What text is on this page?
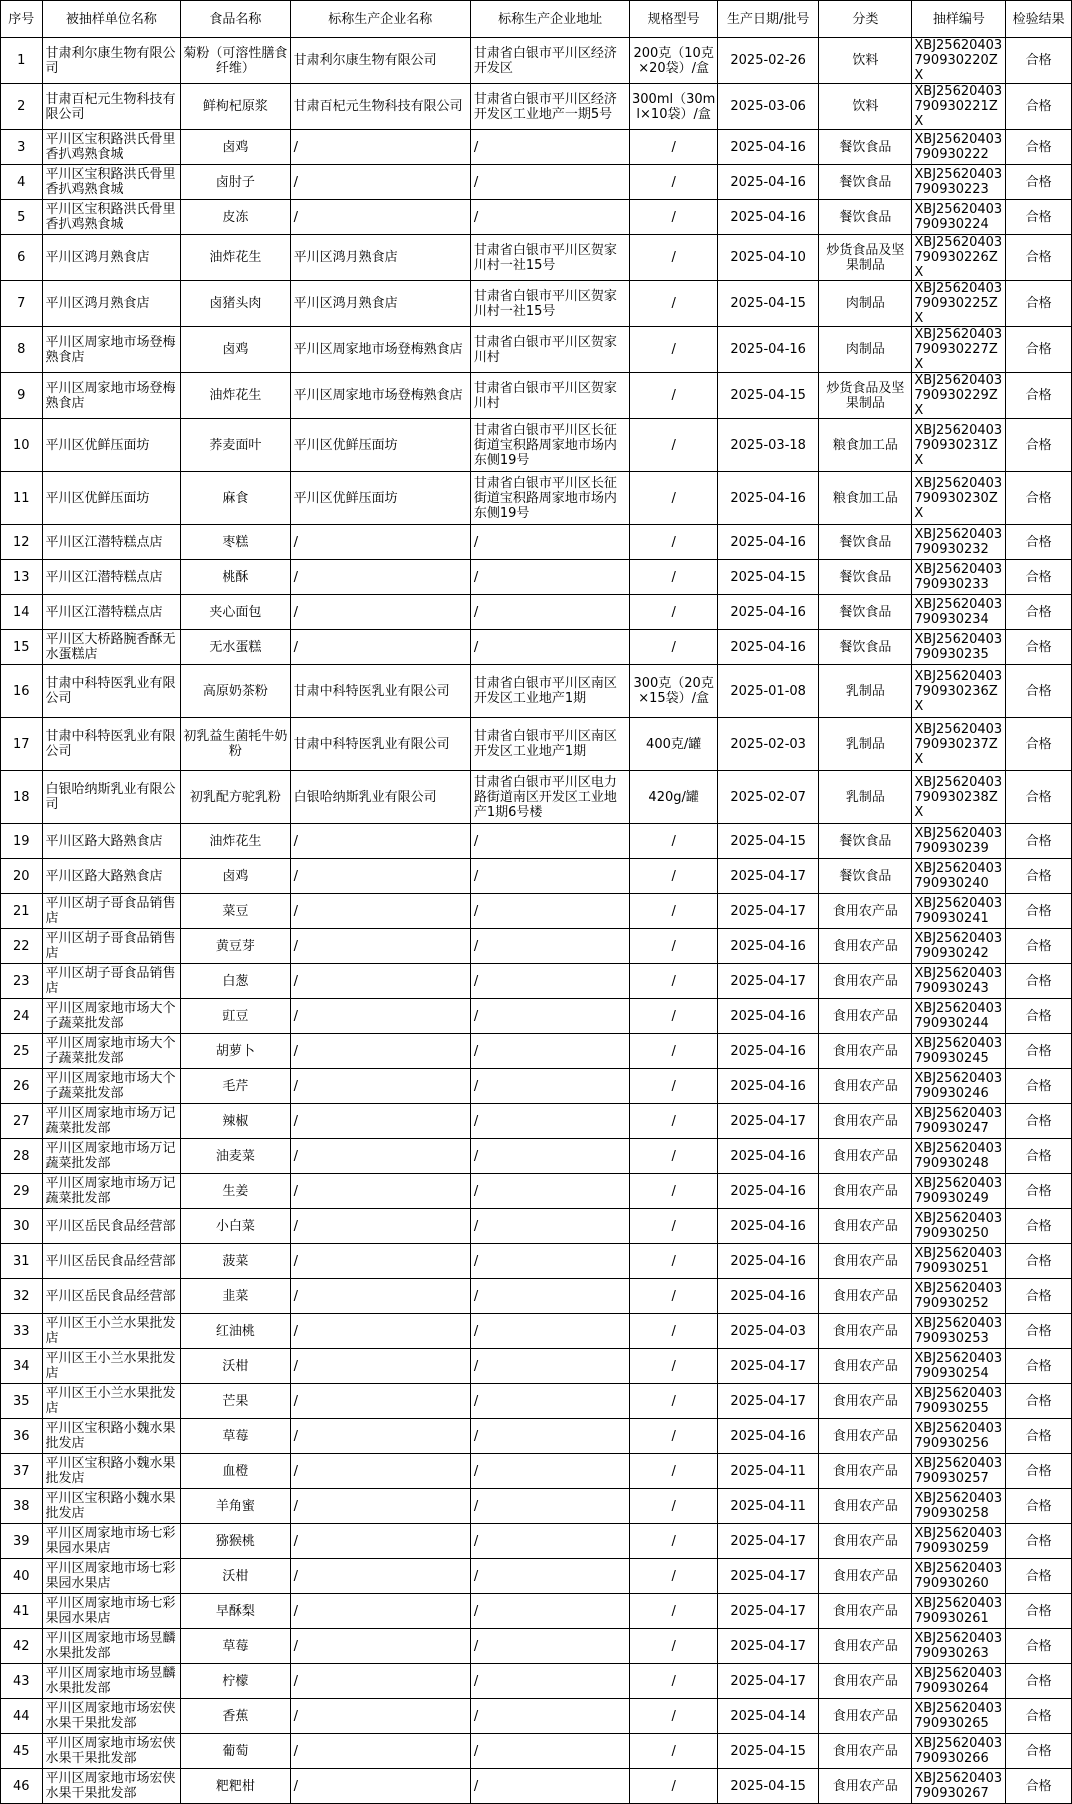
序号	被抽样单位名称	食品名称	标称生产企业名称	标称生产企业地址	规格型号	生产日期/批号	分类	抽样编号	检验结果
1	甘肃利尔康生物有限公司	菊粉（可溶性膳食纤维）	甘肃利尔康生物有限公司	甘肃省白银市平川区经济开发区	200克（10克×20袋）/盒	2025-02-26	饮料	XBJ25620403790930220ZX	合格
2	甘肃百杞元生物科技有限公司	鲜枸杞原浆	甘肃百杞元生物科技有限公司	甘肃省白银市平川区经济开发区工业地产一期5号	300ml（30ml×10袋）/盒	2025-03-06	饮料	XBJ25620403790930221ZX	合格
3	平川区宝积路洪氏骨里香扒鸡熟食城	卤鸡	/	/	/	2025-04-16	餐饮食品	XBJ25620403790930222	合格
4	平川区宝积路洪氏骨里香扒鸡熟食城	卤肘子	/	/	/	2025-04-16	餐饮食品	XBJ25620403790930223	合格
5	平川区宝积路洪氏骨里香扒鸡熟食城	皮冻	/	/	/	2025-04-16	餐饮食品	XBJ25620403790930224	合格
6	平川区鸿月熟食店	油炸花生	平川区鸿月熟食店	甘肃省白银市平川区贺家川村一社15号	/	2025-04-10	炒货食品及坚果制品	XBJ25620403790930226ZX	合格
7	平川区鸿月熟食店	卤猪头肉	平川区鸿月熟食店	甘肃省白银市平川区贺家川村一社15号	/	2025-04-15	肉制品	XBJ25620403790930225ZX	合格
8	平川区周家地市场登梅熟食店	卤鸡	平川区周家地市场登梅熟食店	甘肃省白银市平川区贺家川村	/	2025-04-16	肉制品	XBJ25620403790930227ZX	合格
9	平川区周家地市场登梅熟食店	油炸花生	平川区周家地市场登梅熟食店	甘肃省白银市平川区贺家川村	/	2025-04-15	炒货食品及坚果制品	XBJ25620403790930229ZX	合格
10	平川区优鲜压面坊	荞麦面叶	平川区优鲜压面坊	甘肃省白银市平川区长征街道宝积路周家地市场内东侧19号	/	2025-03-18	粮食加工品	XBJ25620403790930231ZX	合格
11	平川区优鲜压面坊	麻食	平川区优鲜压面坊	甘肃省白银市平川区长征街道宝积路周家地市场内东侧19号	/	2025-04-16	粮食加工品	XBJ25620403790930230ZX	合格
12	平川区江潜特糕点店	枣糕	/	/	/	2025-04-16	餐饮食品	XBJ25620403790930232	合格
13	平川区江潜特糕点店	桃酥	/	/	/	2025-04-15	餐饮食品	XBJ25620403790930233	合格
14	平川区江潜特糕点店	夹心面包	/	/	/	2025-04-16	餐饮食品	XBJ25620403790930234	合格
15	平川区大桥路腕香酥无水蛋糕店	无水蛋糕	/	/	/	2025-04-16	餐饮食品	XBJ25620403790930235	合格
16	甘肃中科特医乳业有限公司	高原奶茶粉	甘肃中科特医乳业有限公司	甘肃省白银市平川区南区开发区工业地产1期	300克（20克×15袋）/盒	2025-01-08	乳制品	XBJ25620403790930236ZX	合格
17	甘肃中科特医乳业有限公司	初乳益生菌牦牛奶粉	甘肃中科特医乳业有限公司	甘肃省白银市平川区南区开发区工业地产1期	400克/罐	2025-02-03	乳制品	XBJ25620403790930237ZX	合格
18	白银哈纳斯乳业有限公司	初乳配方驼乳粉	白银哈纳斯乳业有限公司	甘肃省白银市平川区电力路街道南区开发区工业地产1期6号楼	420g/罐	2025-02-07	乳制品	XBJ25620403790930238ZX	合格
19	平川区路大路熟食店	油炸花生	/	/	/	2025-04-15	餐饮食品	XBJ25620403790930239	合格
20	平川区路大路熟食店	卤鸡	/	/	/	2025-04-17	餐饮食品	XBJ25620403790930240	合格
21	平川区胡子哥食品销售店	菜豆	/	/	/	2025-04-17	食用农产品	XBJ25620403790930241	合格
22	平川区胡子哥食品销售店	黄豆芽	/	/	/	2025-04-16	食用农产品	XBJ25620403790930242	合格
23	平川区胡子哥食品销售店	白葱	/	/	/	2025-04-17	食用农产品	XBJ25620403790930243	合格
24	平川区周家地市场大个子蔬菜批发部	豇豆	/	/	/	2025-04-16	食用农产品	XBJ25620403790930244	合格
25	平川区周家地市场大个子蔬菜批发部	胡萝卜	/	/	/	2025-04-16	食用农产品	XBJ25620403790930245	合格
26	平川区周家地市场大个子蔬菜批发部	毛芹	/	/	/	2025-04-16	食用农产品	XBJ25620403790930246	合格
27	平川区周家地市场万记蔬菜批发部	辣椒	/	/	/	2025-04-17	食用农产品	XBJ25620403790930247	合格
28	平川区周家地市场万记蔬菜批发部	油麦菜	/	/	/	2025-04-16	食用农产品	XBJ25620403790930248	合格
29	平川区周家地市场万记蔬菜批发部	生姜	/	/	/	2025-04-16	食用农产品	XBJ25620403790930249	合格
30	平川区岳民食品经营部	小白菜	/	/	/	2025-04-16	食用农产品	XBJ25620403790930250	合格
31	平川区岳民食品经营部	菠菜	/	/	/	2025-04-16	食用农产品	XBJ25620403790930251	合格
32	平川区岳民食品经营部	韭菜	/	/	/	2025-04-16	食用农产品	XBJ25620403790930252	合格
33	平川区王小兰水果批发店	红油桃	/	/	/	2025-04-03	食用农产品	XBJ25620403790930253	合格
34	平川区王小兰水果批发店	沃柑	/	/	/	2025-04-17	食用农产品	XBJ25620403790930254	合格
35	平川区王小兰水果批发店	芒果	/	/	/	2025-04-17	食用农产品	XBJ25620403790930255	合格
36	平川区宝积路小魏水果批发店	草莓	/	/	/	2025-04-16	食用农产品	XBJ25620403790930256	合格
37	平川区宝积路小魏水果批发店	血橙	/	/	/	2025-04-11	食用农产品	XBJ25620403790930257	合格
38	平川区宝积路小魏水果批发店	羊角蜜	/	/	/	2025-04-11	食用农产品	XBJ25620403790930258	合格
39	平川区周家地市场七彩果园水果店	猕猴桃	/	/	/	2025-04-17	食用农产品	XBJ25620403790930259	合格
40	平川区周家地市场七彩果园水果店	沃柑	/	/	/	2025-04-17	食用农产品	XBJ25620403790930260	合格
41	平川区周家地市场七彩果园水果店	早酥梨	/	/	/	2025-04-17	食用农产品	XBJ25620403790930261	合格
42	平川区周家地市场昱麟水果批发部	草莓	/	/	/	2025-04-17	食用农产品	XBJ25620403790930263	合格
43	平川区周家地市场昱麟水果批发部	柠檬	/	/	/	2025-04-17	食用农产品	XBJ25620403790930264	合格
44	平川区周家地市场宏侠水果干果批发部	香蕉	/	/	/	2025-04-14	食用农产品	XBJ25620403790930265	合格
45	平川区周家地市场宏侠水果干果批发部	葡萄	/	/	/	2025-04-15	食用农产品	XBJ25620403790930266	合格
46	平川区周家地市场宏侠水果干果批发部	粑粑柑	/	/	/	2025-04-15	食用农产品	XBJ25620403790930267	合格
